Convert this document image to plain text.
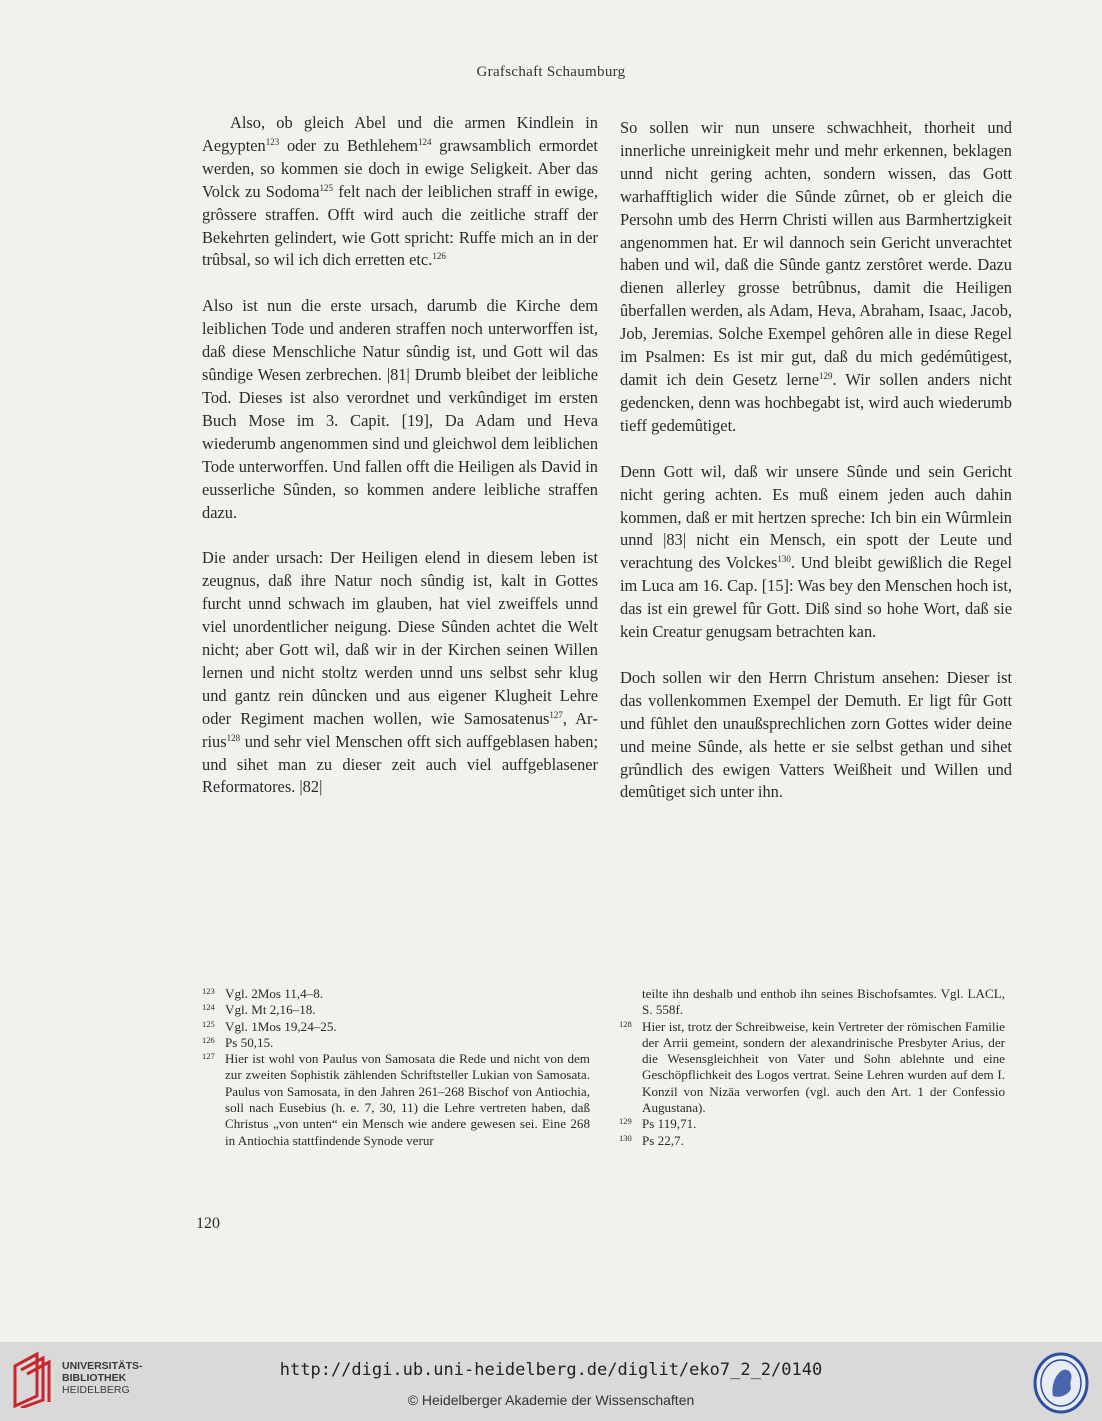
Grafschaft Schaumburg

Also, ob gleich Abel und die armen Kindlein in Aegypten$^{123}$ oder zu Bethlehem$^{124}$ grawsamblich ermordet werden, so kommen sie doch in ewige Seligkeit. Aber das Volck zu Sodoma$^{125}$ felt nach der leiblichen straff in ewige, grôssere straffen. Offt wird auch die zeitliche straff der Bekehrten gelindert, wie Gott spricht: Ruffe mich an in der trûbsal, so wil ich dich erretten etc.$^{126}$

Also ist nun die erste ursach, darumb die Kirche dem leiblichen Tode und anderen straffen noch unterworffen ist, daß diese Menschliche Natur sûndig ist, und Gott wil das sûndige Wesen zerbrechen. |81| Drumb bleibet der leibliche Tod. Dieses ist also verordnet und verkûndiget im ersten Buch Mose im 3. Capit. [19], Da Adam und Heva wiederumb angenommen sind und gleichwol dem leiblichen Tode unterworffen. Und fallen offt die Heiligen als David in eusserliche Sûnden, so kommen andere leibliche straffen dazu.

Die ander ursach: Der Heiligen elend in diesem leben ist zeugnus, daß ihre Natur noch sûndig ist, kalt in Gottes furcht unnd schwach im glauben, hat viel zweiffels unnd viel unordentlicher neigung. Diese Sûnden achtet die Welt nicht; aber Gott wil, daß wir in der Kirchen seinen Willen lernen und nicht stoltz werden unnd uns selbst sehr klug und gantz rein dûncken und aus eigener Klugheit Lehre oder Regiment machen wollen, wie Samosatenus$^{127}$, Arrius$^{128}$ und sehr viel Menschen offt sich auffgeblasen haben; und sihet man zu dieser zeit auch viel auffgeblasener Reformatores. |82|

So sollen wir nun unsere schwachheit, thorheit und innerliche unreinigkeit mehr und mehr erkennen, beklagen unnd nicht gering achten, sondern wissen, das Gott warhafftiglich wider die Sûnde zûrnet, ob er gleich die Persohn umb des Herrn Christi willen aus Barmhertzigkeit angenommen hat. Er wil dannoch sein Gericht unverachtet haben und wil, daß die Sûnde gantz zerstôret werde. Dazu dienen allerley grosse betrûbnus, damit die Heiligen ûberfallen werden, als Adam, Heva, Abraham, Isaac, Jacob, Job, Jeremias. Solche Exempel gehôren alle in diese Regel im Psalmen: Es ist mir gut, daß du mich gedémûtigest, damit ich dein Gesetz lerne$^{129}$. Wir sollen anders nicht gedencken, denn was hochbegabt ist, wird auch wiederumb tieff gedemûtiget.

Denn Gott wil, daß wir unsere Sûnde und sein Gericht nicht gering achten. Es muß einem jeden auch dahin kommen, daß er mit hertzen spreche: Ich bin ein Wûrmlein unnd |83| nicht ein Mensch, ein spott der Leute und verachtung des Volckes$^{130}$. Und bleibt gewißlich die Regel im Luca am 16. Cap. [15]: Was bey den Menschen hoch ist, das ist ein grewel fûr Gott. Diß sind so hohe Wort, daß sie kein Creatur genugsam betrachten kan.

Doch sollen wir den Herrn Christum ansehen: Dieser ist das vollenkommen Exempel der Demuth. Er ligt fûr Gott und fûhlet den unaußsprechlichen zorn Gottes wider deine und meine Sûnde, als hette er sie selbst gethan und sihet grûndlich des ewigen Vatters Weißheit und Willen und demûtiget sich unter ihn.

123 Vgl. 2Mos 11,4–8.
124 Vgl. Mt 2,16–18.
125 Vgl. 1Mos 19,24–25.
126 Ps 50,15.
127 Hier ist wohl von Paulus von Samosata die Rede und nicht von dem zur zweiten Sophistik zählenden Schriftsteller Lukian von Samosata. Paulus von Samosata, in den Jahren 261–268 Bischof von Antiochia, soll nach Eusebius (h. e. 7, 30, 11) die Lehre vertreten haben, daß Christus „von unten“ ein Mensch wie andere gewesen sei. Eine 268 in Antiochia stattfindende Synode verur
teilte ihn deshalb und enthob ihn seines Bischofsamtes. Vgl. LACL, S. 558f.
128 Hier ist, trotz der Schreibweise, kein Vertreter der römischen Familie der Arrii gemeint, sondern der alexandrinische Presbyter Arius, der die Wesensgleichheit von Vater und Sohn ablehnte und eine Geschöpflichkeit des Logos vertrat. Seine Lehren wurden auf dem I. Konzil von Nizäa verworfen (vgl. auch den Art. 1 der Confessio Augustana).
129 Ps 119,71.
130 Ps 22,7.
120
UNIVERSITÄTS-
BIBLIOTHEK
HEIDELBERG
http://digi.ub.uni-heidelberg.de/diglit/eko7_2_2/0140
© Heidelberger Akademie der Wissenschaften
